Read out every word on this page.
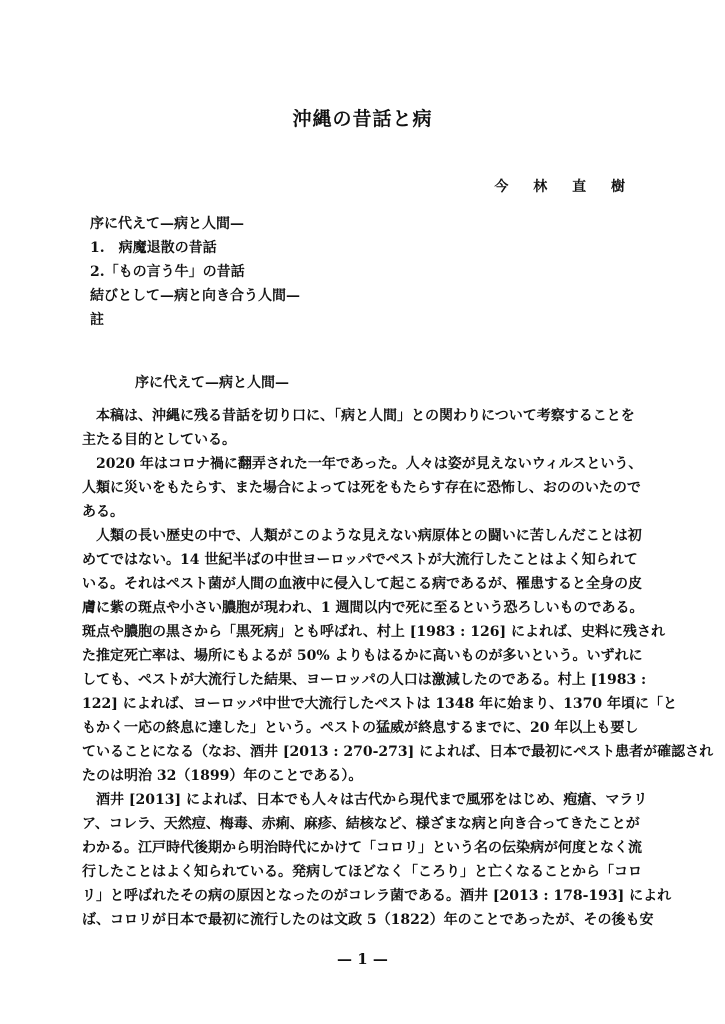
沖縄の昔話と病
今 林 直 樹
序に代えて—病と人間—
1.　病魔退散の昔話
2.「もの言う牛」の昔話
結びとして—病と向き合う人間—
註
序に代えて—病と人間—
本稿は、沖縄に残る昔話を切り口に、「病と人間」との関わりについて考察することを
主たる目的としている。
2020 年はコロナ禍に翻弄された一年であった。人々は姿が見えないウィルスという、
人類に災いをもたらす、また場合によっては死をもたらす存在に恐怖し、おののいたので
ある。
人類の長い歴史の中で、人類がこのような見えない病原体との闘いに苦しんだことは初
めてではない。14 世紀半ばの中世ヨーロッパでペストが大流行したことはよく知られて
いる。それはペスト菌が人間の血液中に侵入して起こる病であるが、罹患すると全身の皮
膚に紫の斑点や小さい膿胞が現われ、1 週間以内で死に至るという恐ろしいものである。
斑点や膿胞の黒さから「黒死病」とも呼ばれ、村上 [1983 : 126] によれば、史料に残され
た推定死亡率は、場所にもよるが 50% よりもはるかに高いものが多いという。いずれに
しても、ペストが大流行した結果、ヨーロッパの人口は激減したのである。村上 [1983 :
122] によれば、ヨーロッパ中世で大流行したペストは 1348 年に始まり、1370 年頃に「と
もかく一応の終息に達した」という。ペストの猛威が終息するまでに、20 年以上も要し
ていることになる（なお、酒井 [2013 : 270-273] によれば、日本で最初にペスト患者が確認され
たのは明治 32（1899）年のことである）。
酒井 [2013] によれば、日本でも人々は古代から現代まで風邪をはじめ、疱瘡、マラリ
ア、コレラ、天然痘、梅毒、赤痢、麻疹、結核など、様ざまな病と向き合ってきたことが
わかる。江戸時代後期から明治時代にかけて「コロリ」という名の伝染病が何度となく流
行したことはよく知られている。発病してほどなく「ころり」と亡くなることから「コロ
リ」と呼ばれたその病の原因となったのがコレラ菌である。酒井 [2013 : 178-193] によれ
ば、コロリが日本で最初に流行したのは文政 5（1822）年のことであったが、その後も安
— 1 —
